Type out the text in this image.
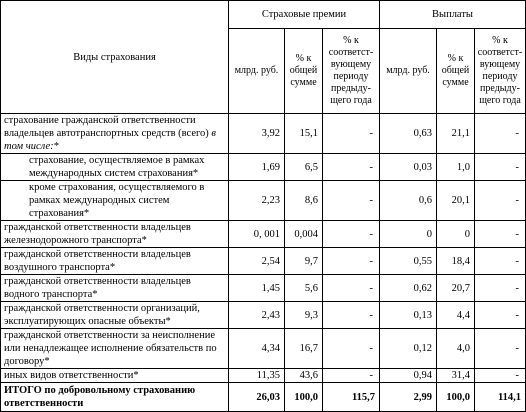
Виды страхования	Страховые премии			Выплаты		
	млрд. руб.	% к общей сумме	% к соответст-вующему периоду предыду-щего года	млрд. руб.	% к общей сумме	% к соответст-вующему периоду предыду-щего года
страхование гражданской ответственности владельцев автотранспортных средств (всего) в том числе:*	3,92	15,1	-	0,63	21,1	-
страхование, осуществляемое в рамках международных систем страхования*	1,69	6,5	-	0,03	1,0	-
кроме страхования, осуществляемого в рамках международных систем страхования*	2,23	8,6	-	0,6	20,1	-
гражданской ответственности владельцев железнодорожного транспорта*	0, 001	0,004	-	0	0	-
гражданской ответственности владельцев воздушного транспорта*	2,54	9,7	-	0,55	18,4	-
гражданской ответственности владельцев водного транспорта*	1,45	5,6	-	0,62	20,7	-
гражданской ответственности организаций, эксплуатирующих опасные объекты*	2,43	9,3	-	0,13	4,4	-
гражданской ответственности за неисполнение или ненадлежащее исполнение обязательств по договору*	4,34	16,7	-	0,12	4,0	-
иных видов ответственности*	11,35	43,6	-	0,94	31,4	-
ИТОГО по добровольному страхованию ответственности	26,03	100,0	115,7	2,99	100,0	114,1
